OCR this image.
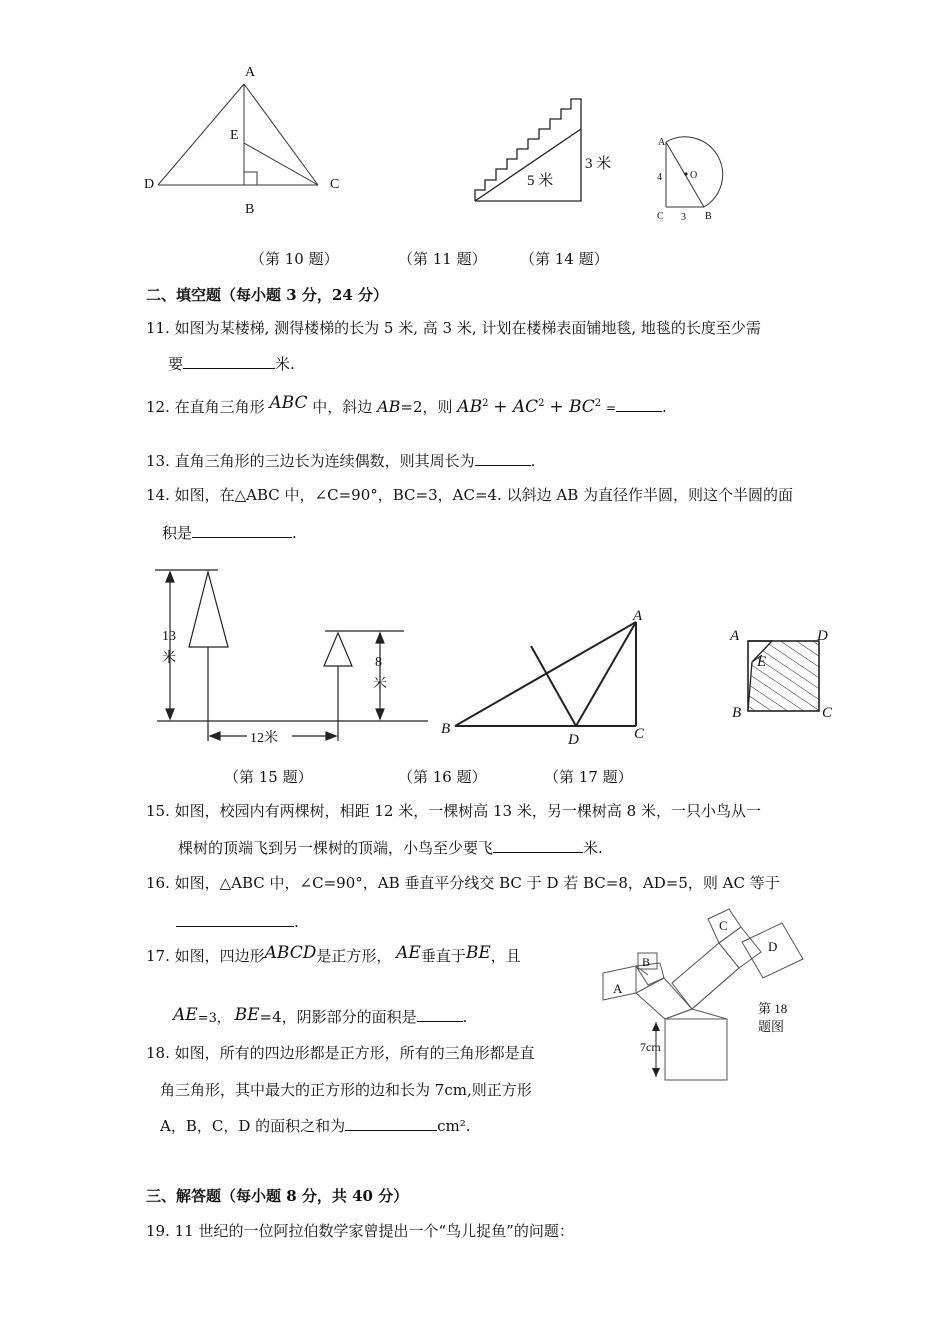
A
E
D	C
B
5 米
3 米
A
O
4
C 3 B
（第 10 题）	（第 11 题） （第 14 题）
二、填空题（每小题 3 分，24 分）
11. 如图为某楼梯, 测得楼梯的长为 5 米, 高 3 米, 计划在楼梯表面铺地毯, 地毯的长度至少需
要	米.
12. 在直角三角形 ABC 中，斜边 AB=2，则 $AB^2 + AC^2 + BC^2$ =	.
13. 直角三角形的三边长为连续偶数，则其周长为	.
14. 如图，在△ABC 中，∠C=90°，BC=3，AC=4. 以斜边 AB 为直径作半圆，则这个半圆的面
积是	.
13
米	8
米
12米
A
B
D	C
A	D
E
B	C
（第 15 题）	（第 16 题）	（第 17 题）
15. 如图，校园内有两棵树，相距 12 米，一棵树高 13 米，另一棵树高 8 米，一只小鸟从一
棵树的顶端飞到另一棵树的顶端，小鸟至少要飞	米.
16. 如图，△ABC 中，∠C=90°，AB 垂直平分线交 BC 于 D 若 BC=8，AD=5，则 AC 等于
.
17. 如图，四边形ABCD是正方形， AE垂直于BE，且
AE=3， BE=4，阴影部分的面积是	.
18. 如图，所有的四边形都是正方形，所有的三角形都是直
角三角形，其中最大的正方形的边和长为 7cm,则正方形
A，B，C，D 的面积之和为	cm².
A
B
C
D
7cm
第 18
题图
三、解答题（每小题 8 分，共 40 分）
19. 11 世纪的一位阿拉伯数学家曾提出一个“鸟儿捉鱼”的问题：
